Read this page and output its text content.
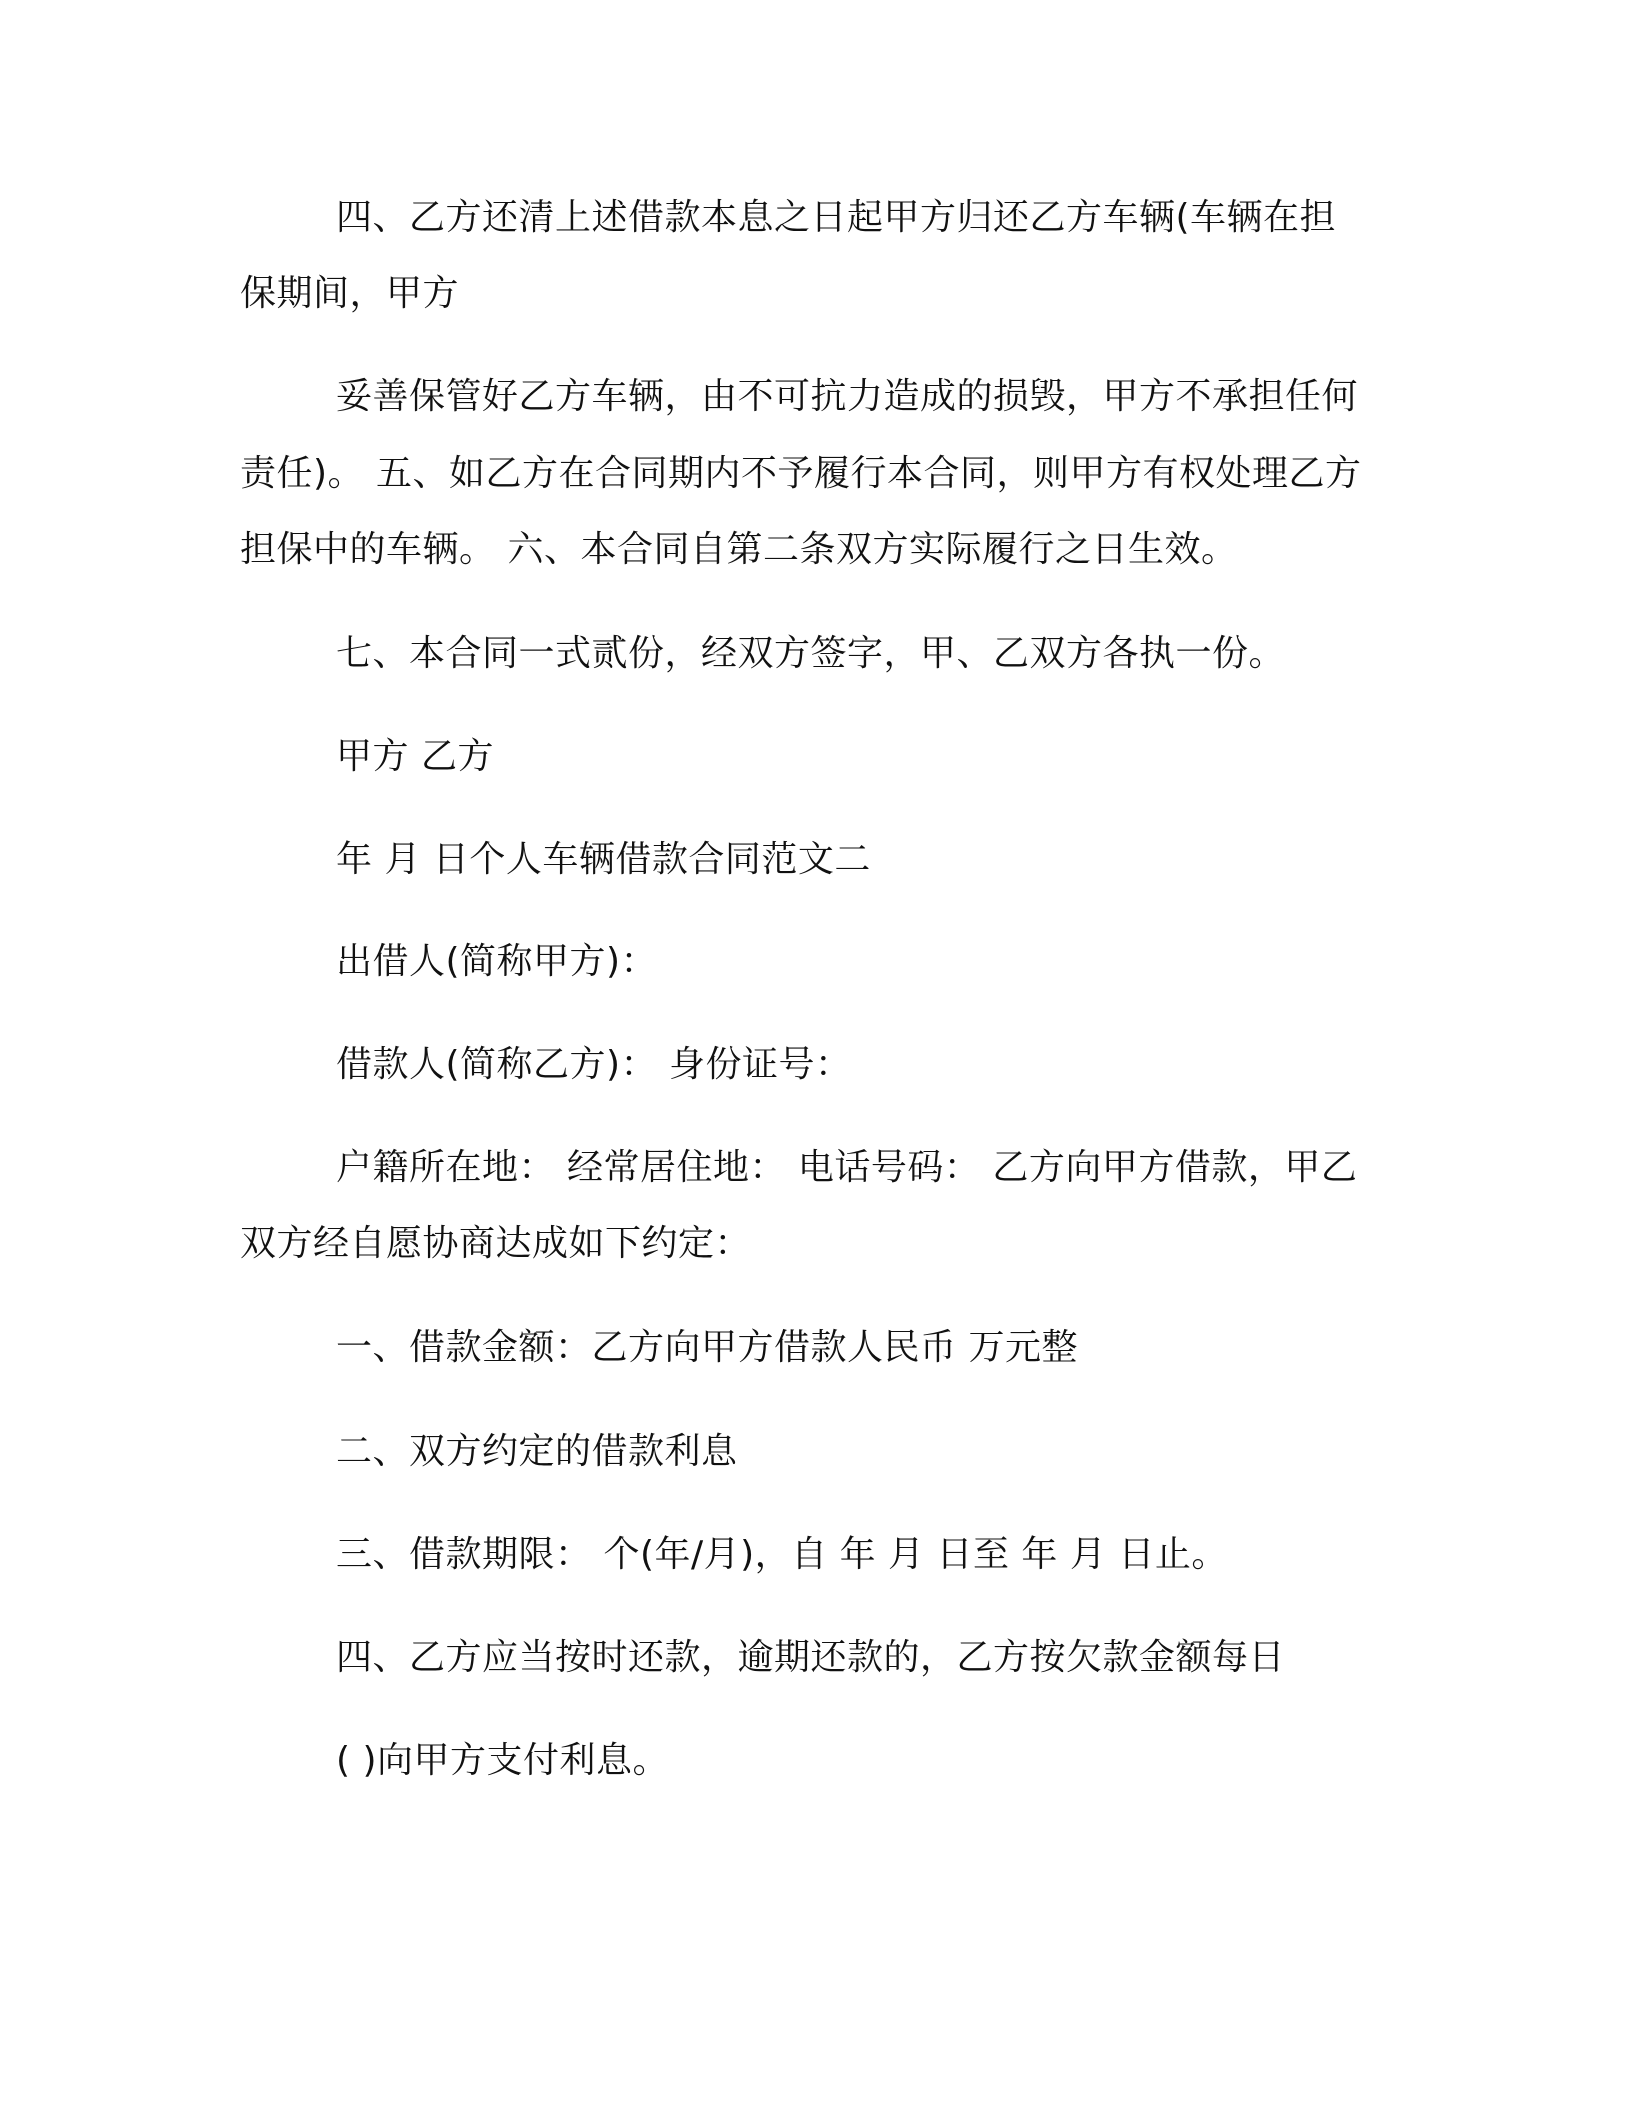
四、乙方还清上述借款本息之日起甲方归还乙方车辆(车辆在担

保期间，甲方

妥善保管好乙方车辆，由不可抗力造成的损毁，甲方不承担任何

责任)。 五、如乙方在合同期内不予履行本合同，则甲方有权处理乙方

担保中的车辆。 六、本合同自第二条双方实际履行之日生效。

七、本合同一式贰份，经双方签字，甲、乙双方各执一份。

甲方 乙方

年 月 日个人车辆借款合同范文二

出借人(简称甲方)：

借款人(简称乙方)： 身份证号：

户籍所在地： 经常居住地： 电话号码： 乙方向甲方借款，甲乙

双方经自愿协商达成如下约定：

一、借款金额：乙方向甲方借款人民币 万元整

二、双方约定的借款利息

三、借款期限： 个(年/月)，自 年 月 日至 年 月 日止。

四、乙方应当按时还款，逾期还款的，乙方按欠款金额每日

( )向甲方支付利息。
